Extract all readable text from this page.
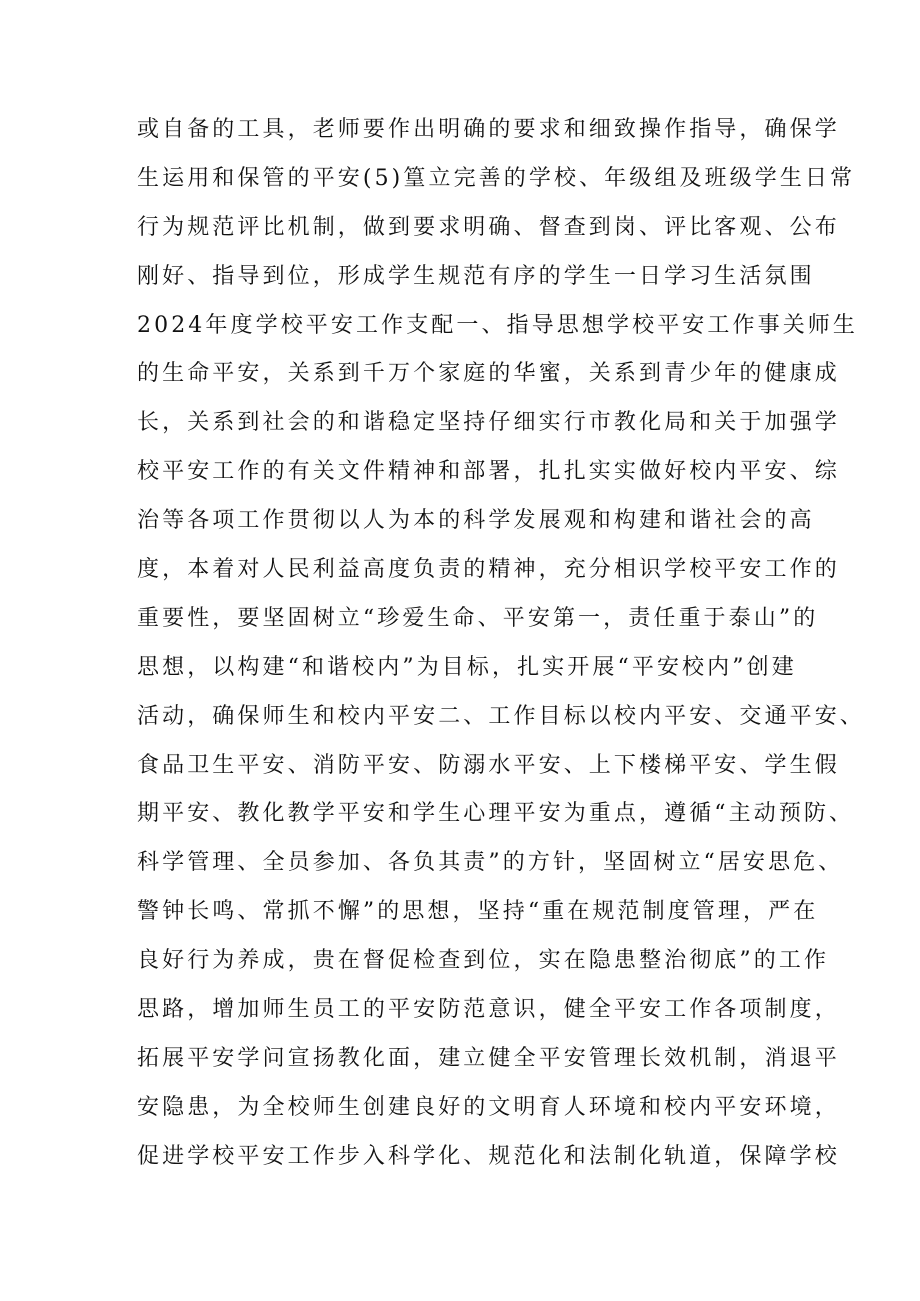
或自备的工具，老师要作出明确的要求和细致操作指导，确保学
生运用和保管的平安(5)篁立完善的学校、年级组及班级学生日常
行为规范评比机制，做到要求明确、督查到岗、评比客观、公布
刚好、指导到位，形成学生规范有序的学生一日学习生活氛围
2024年度学校平安工作支配一、指导思想学校平安工作事关师生
的生命平安，关系到千万个家庭的华蜜，关系到青少年的健康成
长，关系到社会的和谐稳定坚持仔细实行市教化局和关于加强学
校平安工作的有关文件精神和部署，扎扎实实做好校内平安、综
治等各项工作贯彻以人为本的科学发展观和构建和谐社会的高
度，本着对人民利益高度负责的精神，充分相识学校平安工作的
重要性，要坚固树立“珍爱生命、平安第一，责任重于泰山”的
思想，以构建“和谐校内”为目标，扎实开展“平安校内”创建
活动，确保师生和校内平安二、工作目标以校内平安、交通平安、
食品卫生平安、消防平安、防溺水平安、上下楼梯平安、学生假
期平安、教化教学平安和学生心理平安为重点，遵循“主动预防、
科学管理、全员参加、各负其责”的方针，坚固树立“居安思危、
警钟长鸣、常抓不懈”的思想，坚持“重在规范制度管理，严在
良好行为养成，贵在督促检查到位，实在隐患整治彻底”的工作
思路，增加师生员工的平安防范意识，健全平安工作各项制度，
拓展平安学问宣扬教化面，建立健全平安管理长效机制，消退平
安隐患，为全校师生创建良好的文明育人环境和校内平安环境，
促进学校平安工作步入科学化、规范化和法制化轨道，保障学校
